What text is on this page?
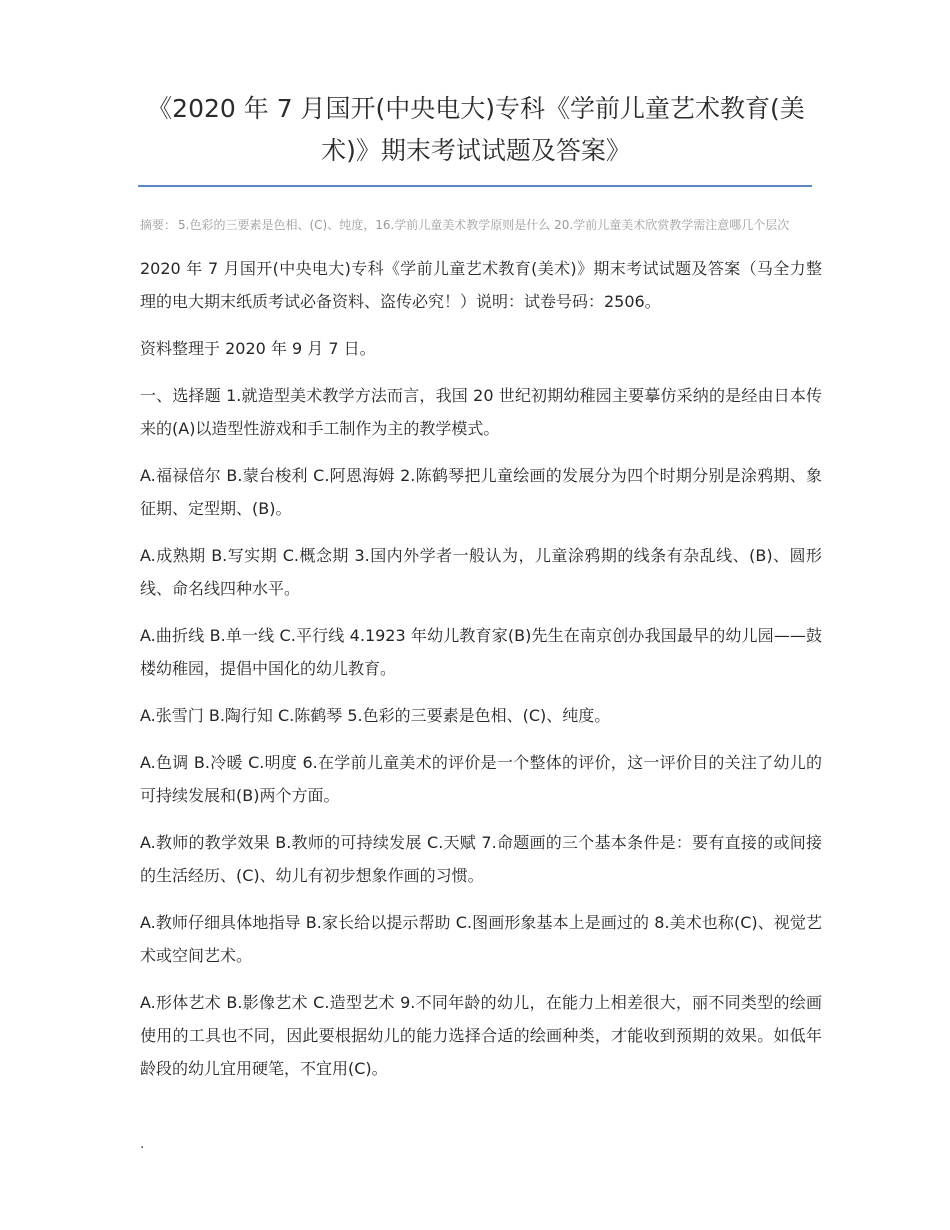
《2020 年 7 月国开(中央电大)专科《学前儿童艺术教育(美术)》期末考试试题及答案》
摘要： 5.色彩的三要素是色相、(C)、纯度，16.学前儿童美术教学原则是什么 20.学前儿童美术欣赏教学需注意哪几个层次

2020 年 7 月国开(中央电大)专科《学前儿童艺术教育(美术)》期末考试试题及答案（马全力整理的电大期末纸质考试必备资料、盗传必究！）说明：试卷号码：2506。

资料整理于 2020 年 9 月 7 日。

一、选择题 1.就造型美术教学方法而言，我国 20 世纪初期幼稚园主要摹仿采纳的是经由日本传来的(A)以造型性游戏和手工制作为主的教学模式。

A.福禄倍尔 B.蒙台梭利 C.阿恩海姆 2.陈鹤琴把儿童绘画的发展分为四个时期分别是涂鸦期、象征期、定型期、(B)。

A.成熟期 B.写实期 C.概念期 3.国内外学者一般认为，儿童涂鸦期的线条有杂乱线、(B)、圆形线、命名线四种水平。

A.曲折线 B.单一线 C.平行线 4.1923 年幼儿教育家(B)先生在南京创办我国最早的幼儿园——鼓楼幼稚园，提倡中国化的幼儿教育。

A.张雪门 B.陶行知 C.陈鹤琴 5.色彩的三要素是色相、(C)、纯度。

A.色调 B.冷暖 C.明度 6.在学前儿童美术的评价是一个整体的评价，这一评价目的关注了幼儿的可持续发展和(B)两个方面。

A.教师的教学效果 B.教师的可持续发展 C.天赋 7.命题画的三个基本条件是：要有直接的或间接的生活经历、(C)、幼儿有初步想象作画的习惯。

A.教师仔细具体地指导 B.家长给以提示帮助 C.图画形象基本上是画过的 8.美术也称(C)、视觉艺术或空间艺术。

A.形体艺术 B.影像艺术 C.造型艺术 9.不同年龄的幼儿，在能力上相差很大，丽不同类型的绘画使用的工具也不同，因此要根据幼儿的能力选择合适的绘画种类，才能收到预期的效果。如低年龄段的幼儿宜用硬笔，不宜用(C)。

.
